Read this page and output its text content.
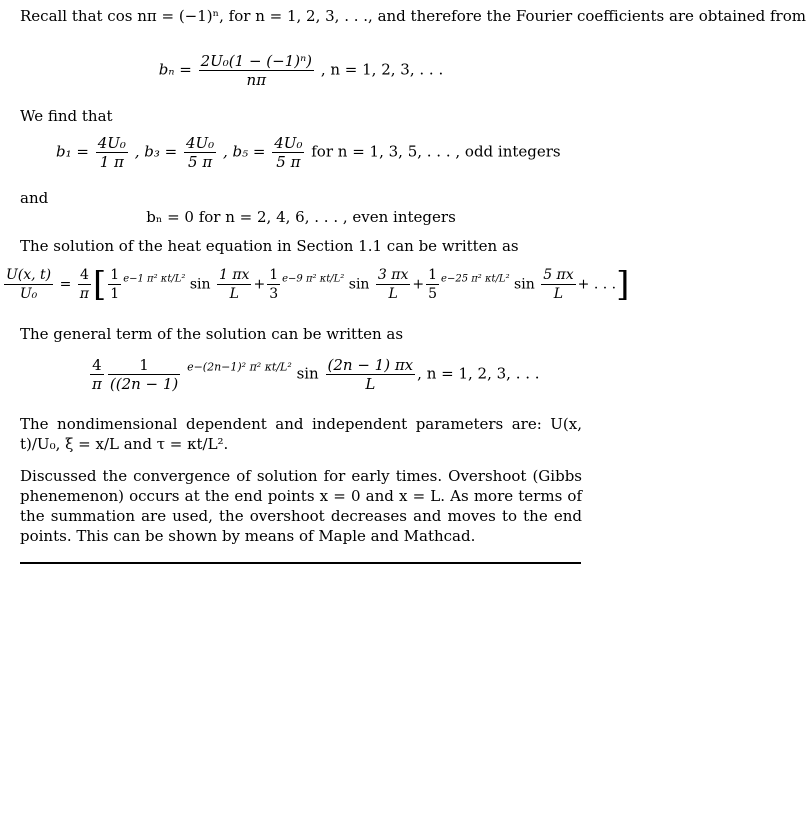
Recall that cos nπ = (−1)ⁿ, for n = 1, 2, 3, . . ., and therefore the Fourier coefficients are obtained from

$b_n = \frac{\text{2U₀(1 − (−1)ⁿ)}}{n\pi}$ , n = 1, 2, 3, . . .

We find that

$b_1 = \frac{\text{4U₀}}{1 \pi}$ , $b_3 = \frac{\text{4U₀}}{5 \pi}$ , $b_5 = \frac{\text{4U₀}}{5 \pi}$ for n = 1, 3, 5, . . . , odd integers

and

bₙ = 0 for n = 2, 4, 6, . . . , even integers

The solution of the heat equation in Section 1.1 can be written as

$\frac{U(x, t)}{\text{U₀}} = \frac{4}{\pi}$ [ $\frac{1}{1} ^{e-1 \pi^2 \kappa t/L^2}$ $\sin \frac{1 \pi x}{L} + \frac{1}{3} ^{e-9 \pi^2 \kappa t/L^2}$ $\sin \frac{3 \pi x}{L} + \frac{1}{5} ^{e-25 \pi^2 \kappa t/L^2}$ $\sin \frac{5 \pi x}{L}$ + . . .]

The general term of the solution can be written as

$\frac{4}{\pi} \frac{1}{((2n - 1)} ^{e-(2n-1)^2 \pi^2 \kappa t/L^2}$ $\sin \frac{(2n - 1) \pi x}{L}$ , n = 1, 2, 3, . . .

The nondimensional dependent and independent parameters are: U(x, t)/U₀, ξ = x/L and τ = κt/L².

Discussed the convergence of solution for early times. Overshoot (Gibbs phenemenon) occurs at the end points x = 0 and x = L. As more terms of the summation are used, the overshoot decreases and moves to the end points. This can be shown by means of Maple and Mathcad.
